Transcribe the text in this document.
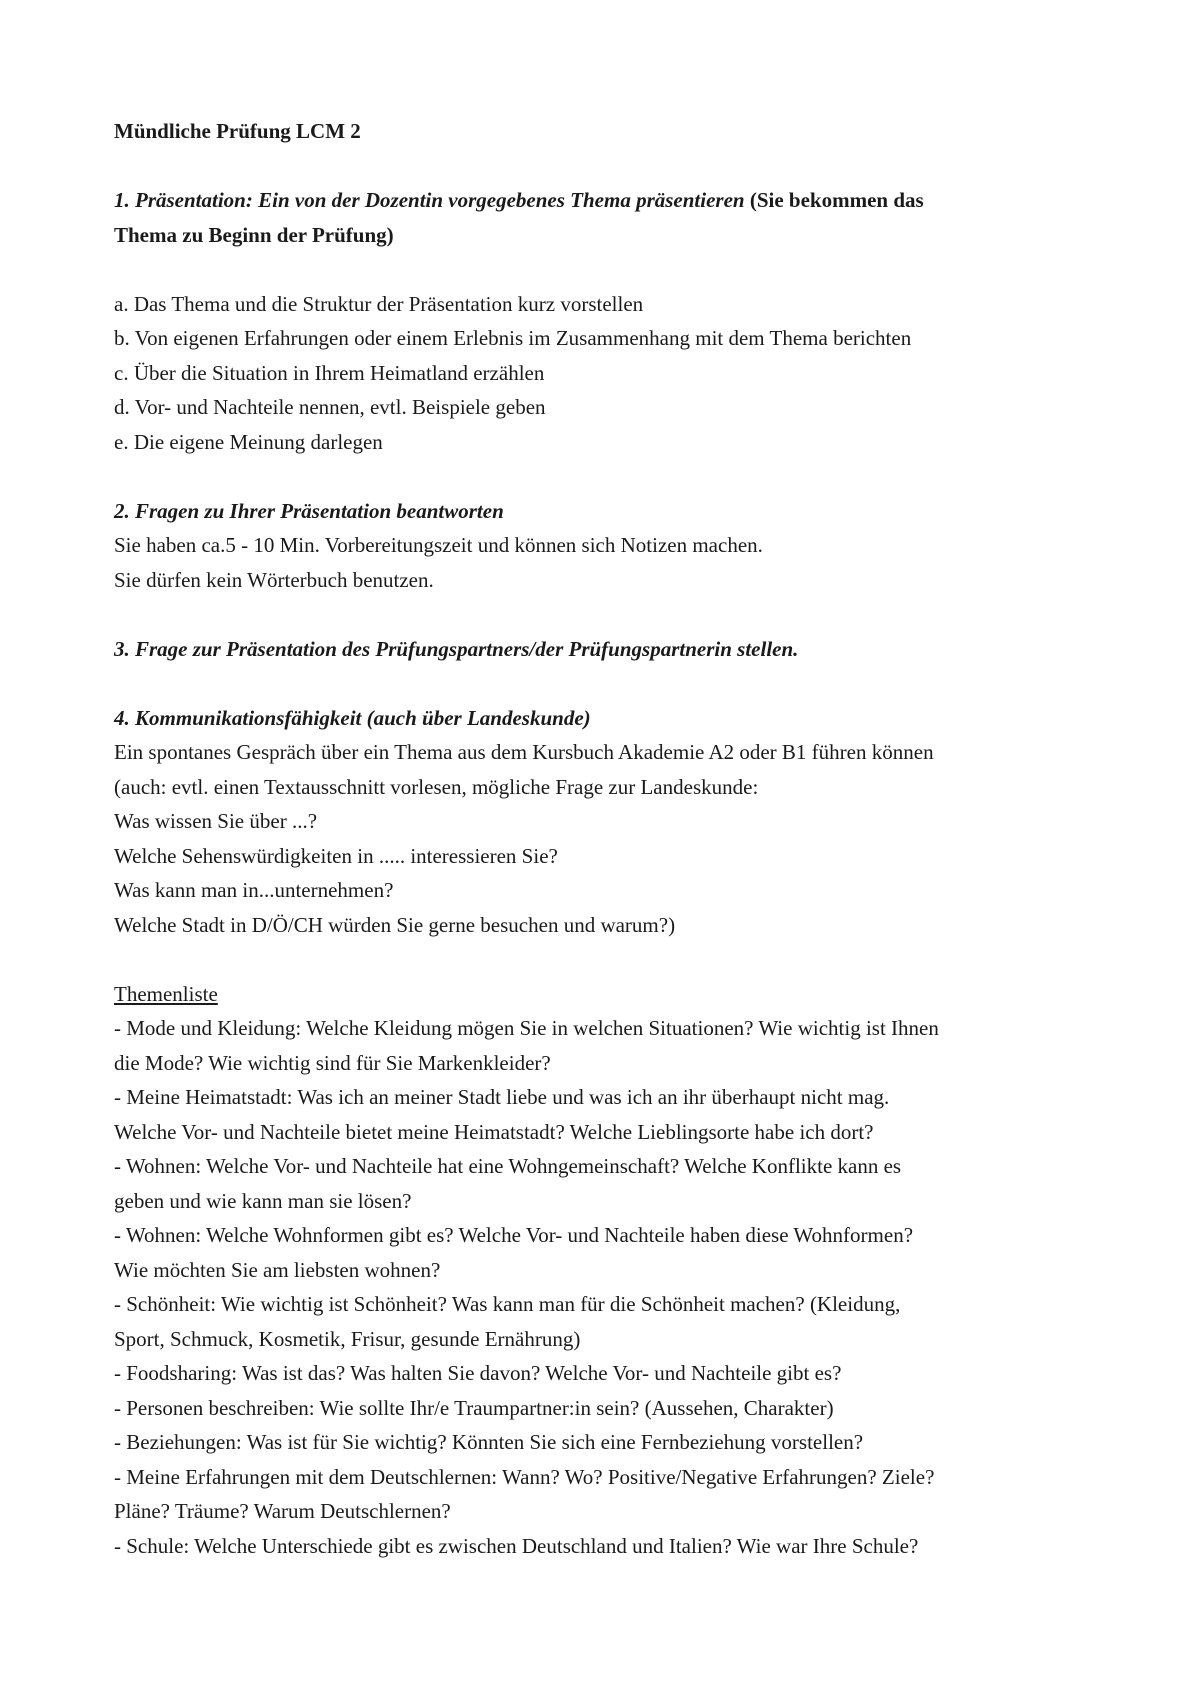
Mündliche Prüfung LCM 2

1. Präsentation: Ein von der Dozentin vorgegebenes Thema präsentieren (Sie bekommen das

Thema zu Beginn der Prüfung)

a. Das Thema und die Struktur der Präsentation kurz vorstellen

b. Von eigenen Erfahrungen oder einem Erlebnis im Zusammenhang mit dem Thema berichten

c. Über die Situation in Ihrem Heimatland erzählen

d. Vor- und Nachteile nennen, evtl. Beispiele geben

e. Die eigene Meinung darlegen

2. Fragen zu Ihrer Präsentation beantworten

Sie haben ca.5 - 10 Min. Vorbereitungszeit und können sich Notizen machen.

Sie dürfen kein Wörterbuch benutzen.

3. Frage zur Präsentation des Prüfungspartners/der Prüfungspartnerin stellen.

4. Kommunikationsfähigkeit (auch über Landeskunde)

Ein spontanes Gespräch über ein Thema aus dem Kursbuch Akademie A2 oder B1 führen können

(auch: evtl. einen Textausschnitt vorlesen, mögliche Frage zur Landeskunde:

Was wissen Sie über ...?

Welche Sehenswürdigkeiten in ..... interessieren Sie?

Was kann man in...unternehmen?

Welche Stadt in D/Ö/CH würden Sie gerne besuchen und warum?)

Themenliste

- Mode und Kleidung: Welche Kleidung mögen Sie in welchen Situationen? Wie wichtig ist Ihnen

die Mode? Wie wichtig sind für Sie Markenkleider?

- Meine Heimatstadt: Was ich an meiner Stadt liebe und was ich an ihr überhaupt nicht mag.

Welche Vor- und Nachteile bietet meine Heimatstadt? Welche Lieblingsorte habe ich dort?

- Wohnen: Welche Vor- und Nachteile hat eine Wohngemeinschaft? Welche Konflikte kann es

geben und wie kann man sie lösen?

- Wohnen: Welche Wohnformen gibt es? Welche Vor- und Nachteile haben diese Wohnformen?

Wie möchten Sie am liebsten wohnen?

- Schönheit: Wie wichtig ist Schönheit? Was kann man für die Schönheit machen? (Kleidung,

Sport, Schmuck, Kosmetik, Frisur, gesunde Ernährung)

- Foodsharing: Was ist das? Was halten Sie davon? Welche Vor- und Nachteile gibt es?

- Personen beschreiben: Wie sollte Ihr/e Traumpartner:in sein? (Aussehen, Charakter)

- Beziehungen: Was ist für Sie wichtig? Könnten Sie sich eine Fernbeziehung vorstellen?

- Meine Erfahrungen mit dem Deutschlernen: Wann? Wo? Positive/Negative Erfahrungen? Ziele?

Pläne? Träume? Warum Deutschlernen?

- Schule: Welche Unterschiede gibt es zwischen Deutschland und Italien? Wie war Ihre Schule?
